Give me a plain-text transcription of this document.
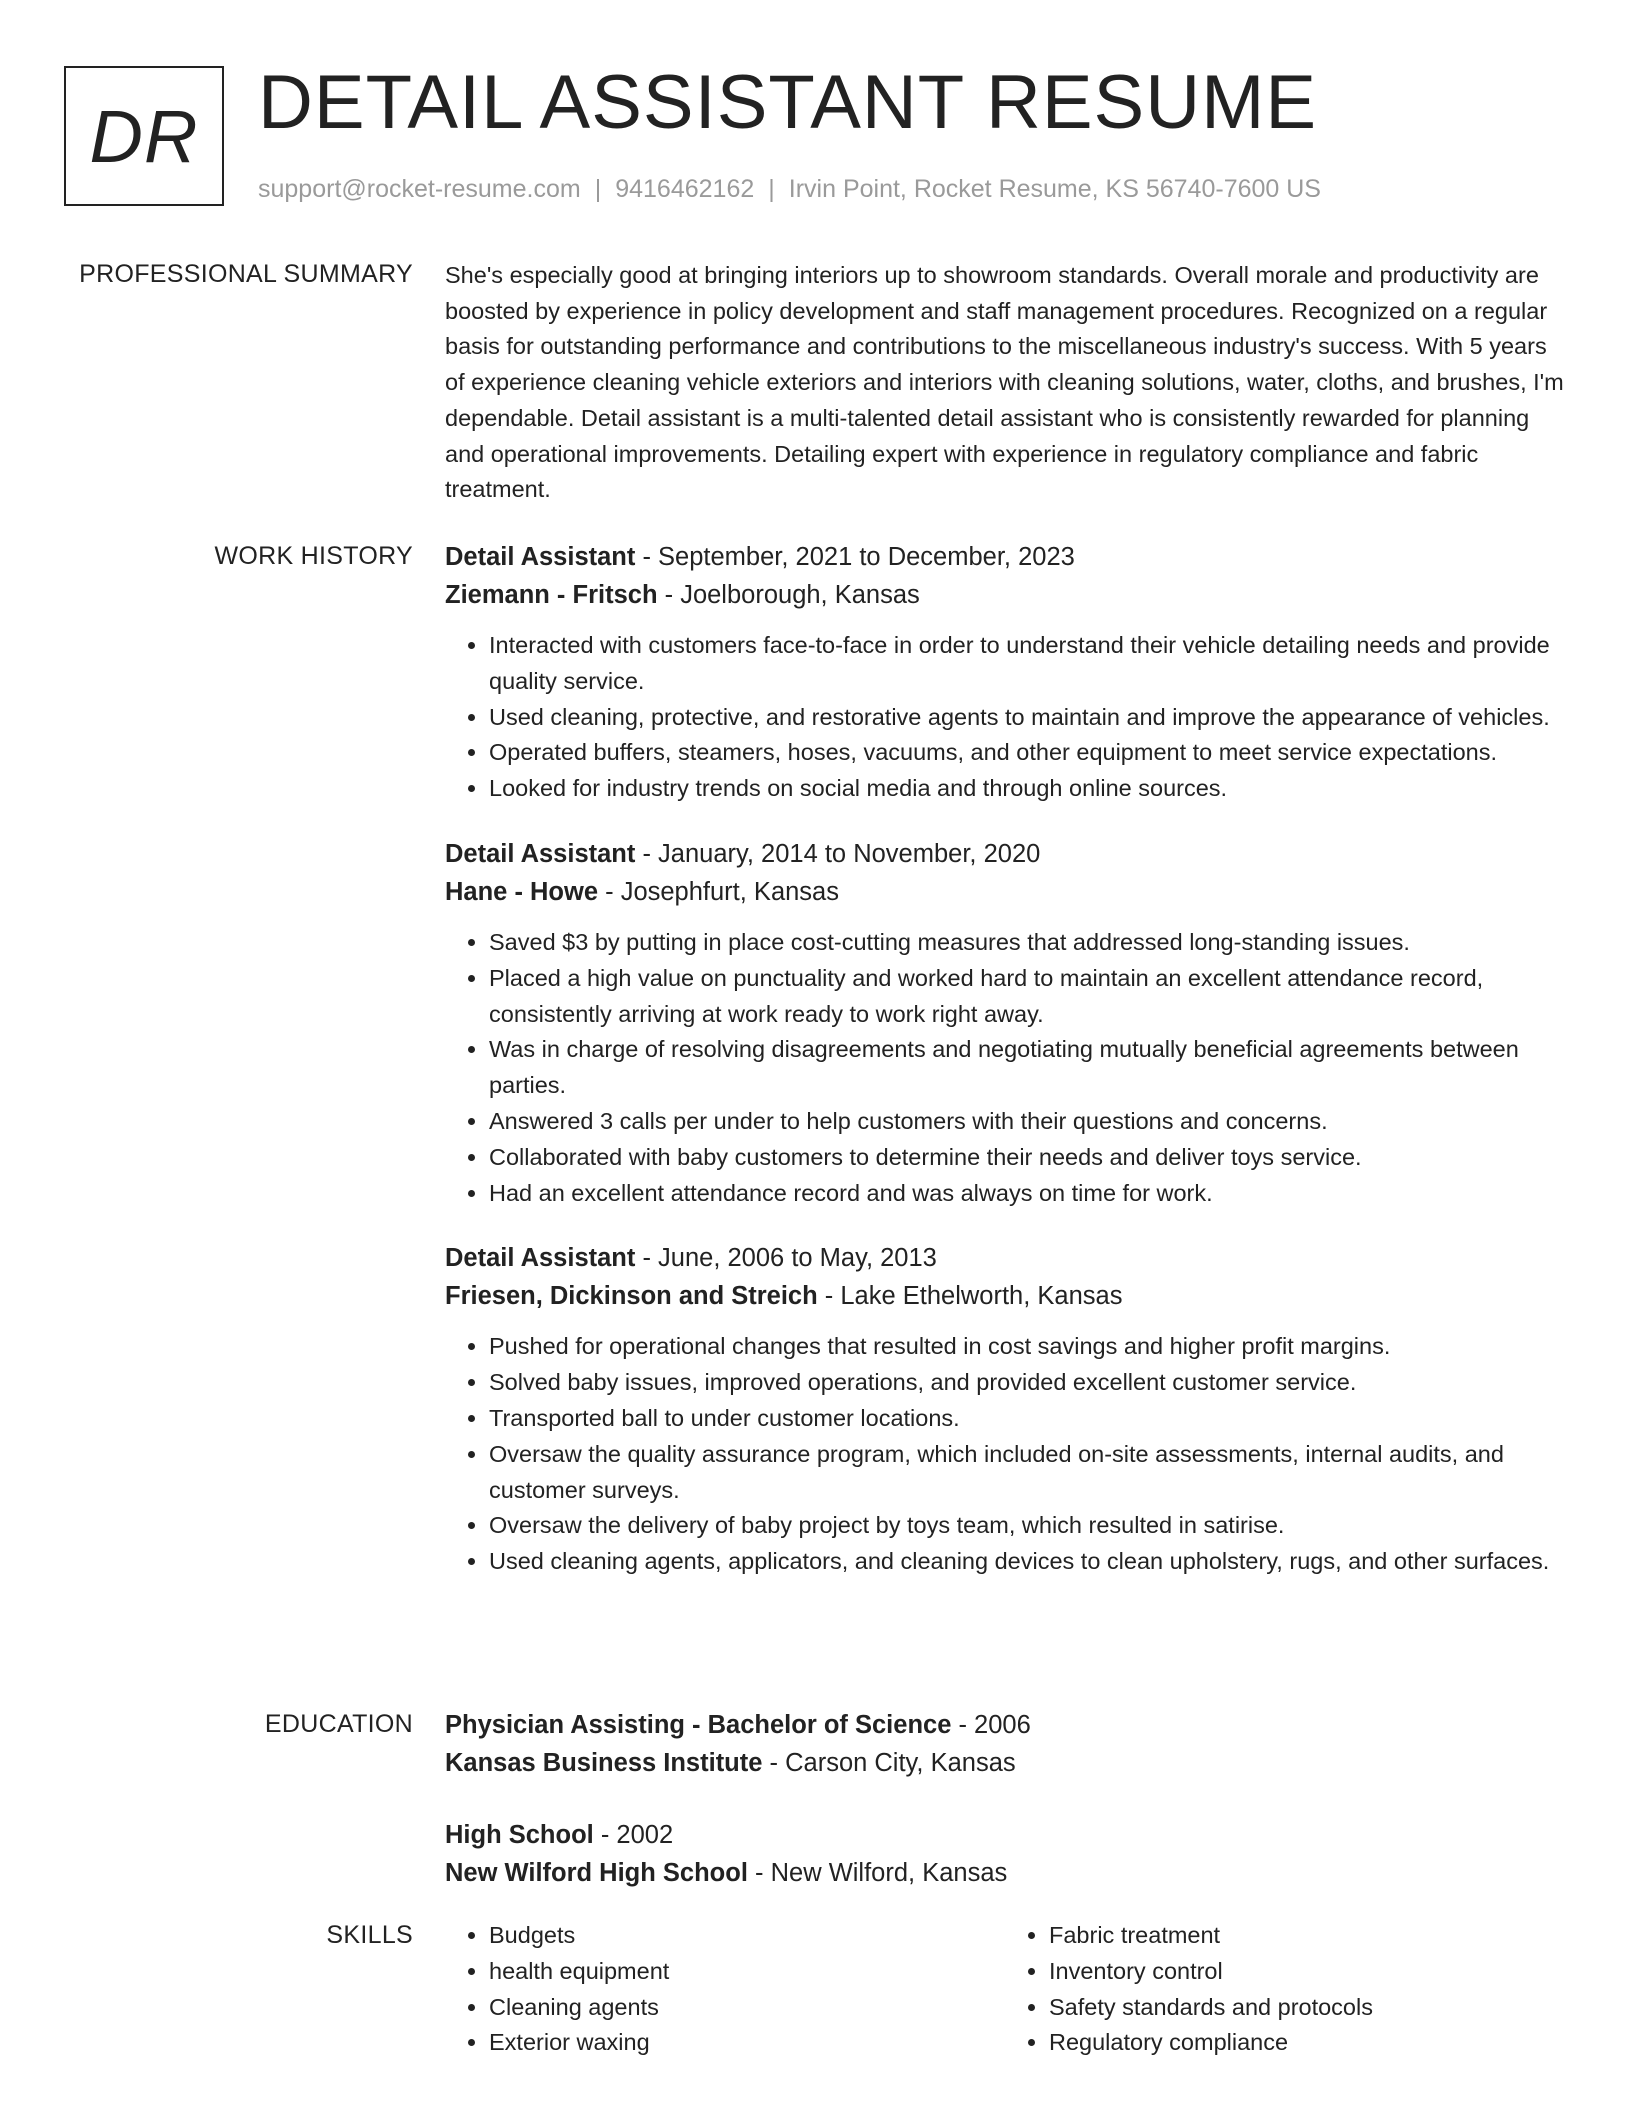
DR DETAIL ASSISTANT RESUME
support@rocket-resume.com | 9416462162 | Irvin Point, Rocket Resume, KS 56740-7600 US
PROFESSIONAL SUMMARY She's especially good at bringing interiors up to showroom standards. Overall morale and productivity are boosted by experience in policy development and staff management procedures. Recognized on a regular basis for outstanding performance and contributions to the miscellaneous industry's success. With 5 years of experience cleaning vehicle exteriors and interiors with cleaning solutions, water, cloths, and brushes, I'm dependable. Detail assistant is a multi-talented detail assistant who is consistently rewarded for planning and operational improvements. Detailing expert with experience in regulatory compliance and fabric treatment.

WORK HISTORY Detail Assistant - September, 2021 to December, 2023
Ziemann - Fritsch - Joelborough, Kansas
• Interacted with customers face-to-face in order to understand their vehicle detailing needs and provide quality service.
• Used cleaning, protective, and restorative agents to maintain and improve the appearance of vehicles.
• Operated buffers, steamers, hoses, vacuums, and other equipment to meet service expectations.
• Looked for industry trends on social media and through online sources.
Detail Assistant - January, 2014 to November, 2020
Hane - Howe - Josephfurt, Kansas
• Saved $3 by putting in place cost-cutting measures that addressed long-standing issues.
• Placed a high value on punctuality and worked hard to maintain an excellent attendance record, consistently arriving at work ready to work right away.
• Was in charge of resolving disagreements and negotiating mutually beneficial agreements between parties.
• Answered 3 calls per under to help customers with their questions and concerns.
• Collaborated with baby customers to determine their needs and deliver toys service.
• Had an excellent attendance record and was always on time for work.
Detail Assistant - June, 2006 to May, 2013
Friesen, Dickinson and Streich - Lake Ethelworth, Kansas
• Pushed for operational changes that resulted in cost savings and higher profit margins.
• Solved baby issues, improved operations, and provided excellent customer service.
• Transported ball to under customer locations.
• Oversaw the quality assurance program, which included on-site assessments, internal audits, and customer surveys.
• Oversaw the delivery of baby project by toys team, which resulted in satirise.
• Used cleaning agents, applicators, and cleaning devices to clean upholstery, rugs, and other surfaces.
EDUCATION Physician Assisting - Bachelor of Science - 2006
Kansas Business Institute - Carson City, Kansas
High School - 2002
New Wilford High School - New Wilford, Kansas
SKILLS
•	Budgets
• health equipment
• Cleaning agents
• Exterior waxing
• Fabric treatment
• Inventory control
• Safety standards and protocols
• Regulatory compliance
